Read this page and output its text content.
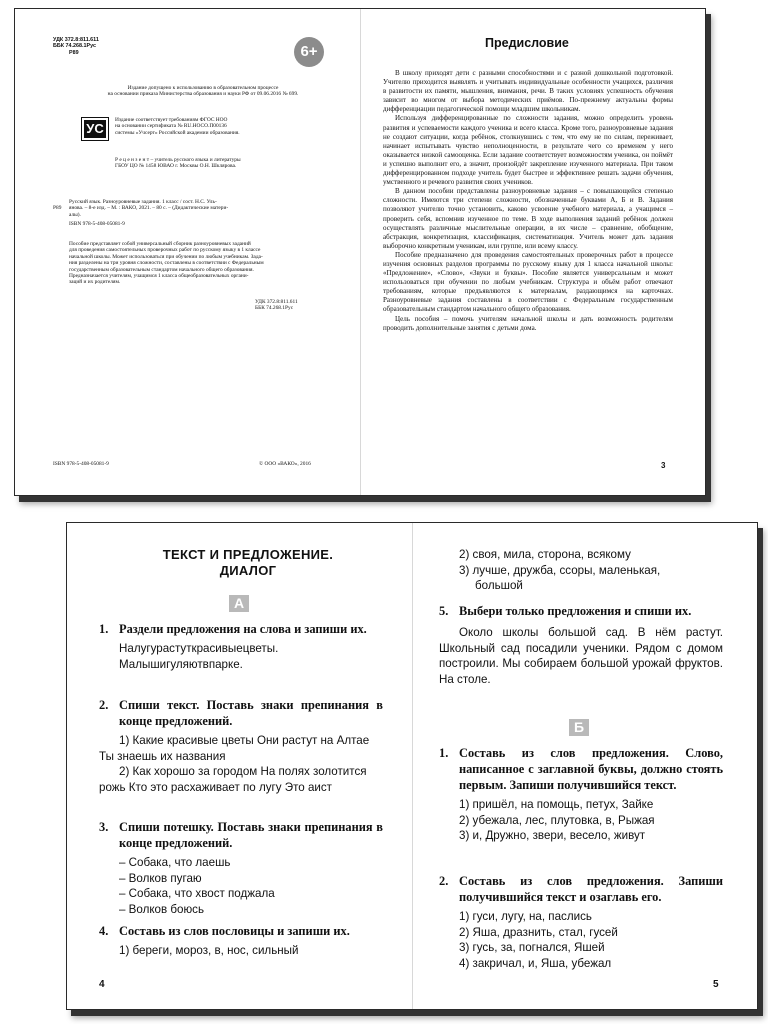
УДК 372.8:811.611
ББК 74.268.1Рус
Р89	6+
Издание допущено к использованию в образовательном процессе
на основании приказа Министерства образования и науки РФ от 09.06.2016 № 699.
УС
Издание соответствует требованиям ФГОС НОО
на основании сертификата № RU.НОСО.П00136
системы «Учсерт» Российской академии образования.
Р е ц е н з е н т – учитель русского языка и литературы
ГБОУ ЦО № 1458 ЮВАО г. Москвы О.Н. Шклярова.
Русский язык. Разноуровневые задания. 1 класс / сост. Н.С. Уль-
Р89 янова. – 8-е изд. – М. : ВАКО, 2021. – 80 с. – (Дидактические матери-
алы).
ISBN 978-5-408-05081-9
Пособие представляет собой универсальный сборник разноуровневых заданий
для проведения самостоятельных проверочных работ по русскому языку в 1 классе
начальной школы. Может использоваться при обучении по любым учебникам. Зада-
ния разделены на три уровня сложности, составлены в соответствии с Федеральным
государственным образовательным стандартом начального общего образования.
Предназначается учителям, учащимся 1 класса общеобразовательных органи-
заций и их родителям.
УДК 372.8:811.611
ББК 74.268.1Рус
ISBN 978-5-408-05081-9	© ООО «ВАКО», 2016
Предисловие

В школу приходят дети с разными способностями и с разной дошкольной подготовкой. Учителю приходится выявлять и учитывать индивидуальные особенности учащихся, различия в развитости их памяти, мышления, внимания, речи. В таких условиях успешность обучения зависит во многом от выбора методических приёмов. По-прежнему актуальны формы дифференциации педагогической помощи младшим школьникам.

Используя дифференцированные по сложности задания, можно определить уровень развития и успеваемости каждого ученика и всего класса. Кроме того, разноуровневые задания не создают ситуации, когда ребёнок, столкнувшись с тем, что ему не по силам, переживает, начинает испытывать чувство неполноценности, в результате чего со временем у него оказывается низкой самооценка. Если задание соответствует возможностям ученика, он поймёт и успешно выполнит его, а значит, произойдёт закрепление изученного материала. При таком дифференцированном подходе учитель будет быстрее и эффективнее решать задачи обучения, умственного и речевого развития своих учеников.

В данном пособии представлены разноуровневые задания – с повышающейся степенью сложности. Имеются три степени сложности, обозначенные буквами А, Б и В. Задания позволяют учителю точно установить, каково усвоение учебного материала, а учащимся – проверить себя, вспомнив изученное по теме. В ходе выполнения заданий ребёнок должен осуществлять различные мыслительные операции, в их числе – сравнение, обобщение, абстракция, конкретизация, классификация, систематизация. Учитель может дать задания выборочно конкретным ученикам, или группе, или всему классу.

Пособие предназначено для проведения самостоятельных проверочных работ в процессе изучения основных разделов программы по русскому языку для 1 класса начальной школы: «Предложение», «Слово», «Звуки и буквы». Пособие является универсальным и может использоваться при обучении по любым учебникам. Структура и объём работ отвечают требованиям, которые предъявляются к материалам, раздающимся на карточках. Разноуровневые задания составлены в соответствии с Федеральным государственным образовательным стандартом начального общего образования.

Цель пособия – помочь учителям начальной школы и дать возможность родителям проводить дополнительные занятия с детьми дома.

3
ТЕКСТ И ПРЕДЛОЖЕНИЕ.
ДИАЛОГ
А
1. Раздели предложения на слова и запиши их.
Налугурастуткрасивыецветы.
Малышигуляютвпарке.
2. Спиши текст. Поставь знаки препинания в конце предложений.
1) Какие красивые цветы Они растут на Алтае Ты знаешь их названия
2) Как хорошо за городом На полях золотится рожь Кто это расхаживает по лугу Это аист
3. Спиши потешку. Поставь знаки препинания в конце предложений.
– Собака, что лаешь
– Волков пугаю
– Собака, что хвост поджала
– Волков боюсь
4. Составь из слов пословицы и запиши их.
1) береги, мороз, в, нос, сильный
4
2) своя, мила, сторона, всякому
3) лучше, дружба, ссоры, маленькая,
большой
5. Выбери только предложения и спиши их.
Около школы большой сад. В нём растут. Школьный сад посадили ученики. Рядом с домом построили. Мы собираем большой урожай фруктов. На столе.
Б
1. Составь из слов предложения. Слово, написанное с заглавной буквы, должно стоять первым. Запиши получившийся текст.
1) пришёл, на помощь, петух, Зайке
2) убежала, лес, плутовка, в, Рыжая
3) и, Дружно, звери, весело, живут
2. Составь из слов предложения. Запиши получившийся текст и озаглавь его.
1) гуси, лугу, на, паслись
2) Яша, дразнить, стал, гусей
3) гусь, за, погнался, Яшей
4) закричал, и, Яша, убежал
5
